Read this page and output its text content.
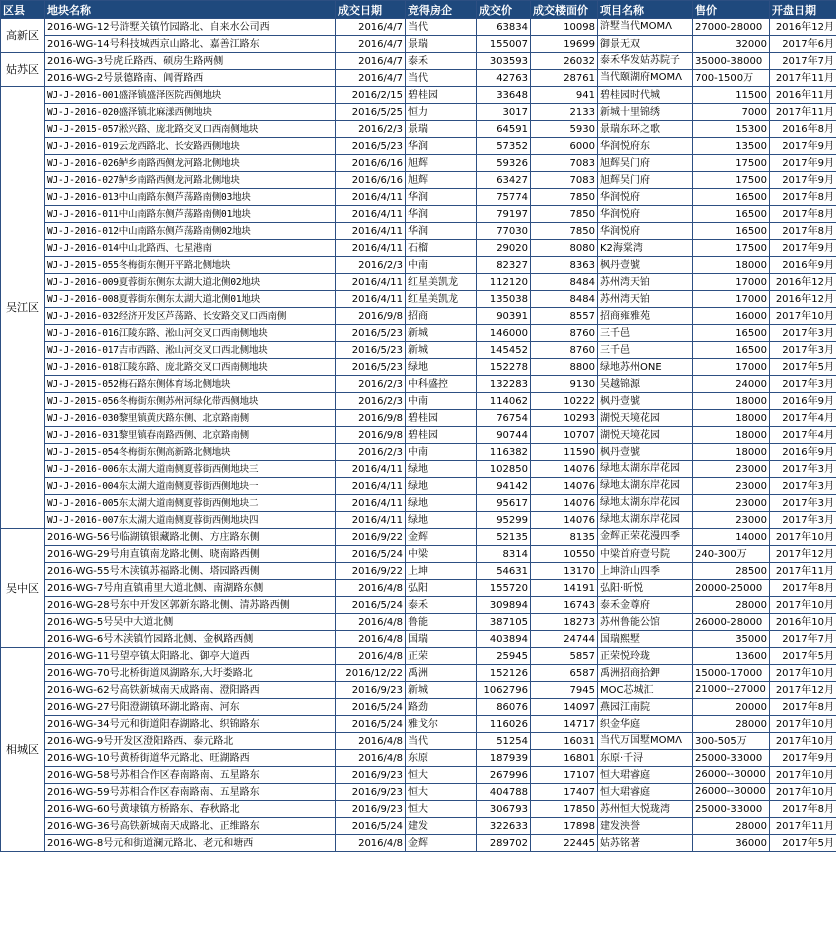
区县	地块名称	成交日期	竞得房企	成交价	成交楼面价	项目名称	售价	开盘日期
高新区	2016-WG-12号浒墅关镇竹园路北、自来水公司西	2016/4/7	当代	63834	10098	浒墅当代MOMΛ	27000-28000	2016年12月
	2016-WG-14号科技城西京山路北、嘉善江路东	2016/4/7	景瑞	155007	19699	御景无双	32000	2017年6月
姑苏区	2016-WG-3号虎丘路西、硕房生路两侧	2016/4/7	泰禾	303593	26032	泰禾华发姑苏院子	35000-38000	2017年7月
	2016-WG-2号景德路南、阊胥路西	2016/4/7	当代	42763	28761	当代颐湖府MOMΛ	700-1500万	2017年11月
吴江区	WJ-J-2016-001盛泽镇盛泽医院西侧地块	2016/2/15	碧桂园	33648	941	碧桂园时代城	11500	2016年11月
	WJ-J-2016-020盛泽镇北麻漾西侧地块	2016/5/25	恒力	3017	2133	新城十里锦绣	7000	2017年11月
	WJ-J-2015-057淞兴路、庞北路交叉口西南侧地块	2016/2/3	景瑞	64591	5930	景瑞东环之歌	15300	2016年8月
	WJ-J-2016-019云龙西路北、长安路西侧地块	2016/5/23	华润	57352	6000	华润悦府东	13500	2017年9月
	WJ-J-2016-026鲈乡南路西侧龙河路北侧地块	2016/6/16	旭辉	59326	7083	旭辉吴门府	17500	2017年9月
	WJ-J-2016-027鲈乡南路西侧龙河路北侧地块	2016/6/16	旭辉	63427	7083	旭辉吴门府	17500	2017年9月
	WJ-J-2016-013中山南路东侧芦荡路南侧03地块	2016/4/11	华润	75774	7850	华润悦府	16500	2017年8月
	WJ-J-2016-011中山南路东侧芦荡路南侧01地块	2016/4/11	华润	79197	7850	华润悦府	16500	2017年8月
	WJ-J-2016-012中山南路东侧芦荡路南侧02地块	2016/4/11	华润	77030	7850	华润悦府	16500	2017年8月
	WJ-J-2016-014中山北路西、七星港南	2016/4/11	石榴	29020	8080	K2海棠湾	17500	2017年9月
	WJ-J-2015-055冬梅街东侧开平路北侧地块	2016/2/3	中南	82327	8363	枫丹壹號	18000	2016年9月
	WJ-J-2016-009夏蓉街东侧东太湖大道北侧02地块	2016/4/11	红星美凯龙	112120	8484	苏州湾天铂	17000	2016年12月
	WJ-J-2016-008夏蓉街东侧东太湖大道北侧01地块	2016/4/11	红星美凯龙	135038	8484	苏州湾天铂	17000	2016年12月
	WJ-J-2016-032经济开发区芦荡路、长安路交叉口西南侧	2016/9/8	招商	90391	8557	招商雍雅苑	16000	2017年10月
	WJ-J-2016-016江陵东路、淞山河交叉口西南侧地块	2016/5/23	新城	146000	8760	三千邑	16500	2017年3月
	WJ-J-2016-017吉市西路、淞山河交叉口西北侧地块	2016/5/23	新城	145452	8760	三千邑	16500	2017年3月
	WJ-J-2016-018江陵东路、庞北路交叉口西南侧地块	2016/5/23	绿地	152278	8800	绿地苏州ONE	17000	2017年5月
	WJ-J-2015-052梅石路东侧体育场北侧地块	2016/2/3	中科盛控	132283	9130	吴越锦源	24000	2017年3月
	WJ-J-2015-056冬梅街东侧苏州河绿化带西侧地块	2016/2/3	中南	114062	10222	枫丹壹號	18000	2016年9月
	WJ-J-2016-030黎里镇黄庆路东侧、北京路南侧	2016/9/8	碧桂园	76754	10293	湖悦天境花园	18000	2017年4月
	WJ-J-2016-031黎里镇春南路西侧、北京路南侧	2016/9/8	碧桂园	90744	10707	湖悦天境花园	18000	2017年4月
	WJ-J-2015-054冬梅街东侧高新路北侧地块	2016/2/3	中南	116382	11590	枫丹壹號	18000	2016年9月
	WJ-J-2016-006东太湖大道南侧夏蓉街西侧地块三	2016/4/11	绿地	102850	14076	绿地太湖东岸花园	23000	2017年3月
	WJ-J-2016-004东太湖大道南侧夏蓉街西侧地块一	2016/4/11	绿地	94142	14076	绿地太湖东岸花园	23000	2017年3月
	WJ-J-2016-005东太湖大道南侧夏蓉街西侧地块二	2016/4/11	绿地	95617	14076	绿地太湖东岸花园	23000	2017年3月
	WJ-J-2016-007东太湖大道南侧夏蓉街西侧地块四	2016/4/11	绿地	95299	14076	绿地太湖东岸花园	23000	2017年3月
吴中区	2016-WG-56号临湖镇银藏路北侧、方庄路东侧	2016/9/22	金辉	52135	8135	金辉正荣花漫四季	14000	2017年10月
	2016-WG-29号甪直镇南龙路北侧、晓南路西侧	2016/5/24	中梁	8314	10550	中梁首府壹号院	240-300万	2017年12月
	2016-WG-55号木渎镇苏福路北侧、塔园路西侧	2016/9/22	上坤	54631	13170	上坤浒山四季	28500	2017年11月
	2016-WG-7号甪直镇甫里大道北侧、南湖路东侧	2016/4/8	弘阳	155720	14191	弘阳·昕悦	20000-25000	2017年8月
	2016-WG-28号东中开发区郭新东路北侧、清苏路西侧	2016/5/24	泰禾	309894	16743	泰禾金尊府	28000	2017年10月
	2016-WG-5号吴中大道北侧	2016/4/8	鲁能	387105	18273	苏州鲁能公馆	26000-28000	2016年10月
	2016-WG-6号木渎镇竹园路北侧、金枫路西侧	2016/4/8	国瑞	403894	24744	国瑞熙墅	35000	2017年7月
相城区	2016-WG-11号望亭镇太阳路北、御亭大道西	2016/4/8	正荣	25945	5857	正荣悦玲珑	13600	2017年5月
	2016-WG-70号北桥街道凤湖路东,大圩娄路北	2016/12/22	禹洲	152126	6587	禹洲招商拾鉀	15000-17000	2017年10月
	2016-WG-62号高铁新城南天成路南、澄阳路西	2016/9/23	新城	1062796	7945	MOC芯城汇	21000--27000	2017年12月
	2016-WG-27号阳澄湖镇环湖北路南、河东	2016/5/24	路劲	86076	14097	燕园江南院	20000	2017年8月
	2016-WG-34号元和街道阳春湖路北、织锦路东	2016/5/24	雅戈尔	116026	14717	织金华庭	28000	2017年10月
	2016-WG-9号开发区澄阳路西、泰元路北	2016/4/8	当代	51254	16031	当代万国墅MOMΛ	300-505万	2017年10月
	2016-WG-10号黄桥街道华元路北、旺湖路西	2016/4/8	东原	187939	16801	东原·千浔	25000-33000	2017年9月
	2016-WG-58号苏相合作区春南路南、五星路东	2016/9/23	恒大	267996	17107	恒大珺睿庭	26000--30000	2017年10月
	2016-WG-59号苏相合作区春南路南、五星路东	2016/9/23	恒大	404788	17407	恒大珺睿庭	26000--30000	2017年10月
	2016-WG-60号黄埭镇方桥路东、春秋路北	2016/9/23	恒大	306793	17850	苏州恒大悦珑湾	25000-33000	2017年8月
	2016-WG-36号高铁新城南天成路北、正维路东	2016/5/24	建发	322633	17898	建发泱誉	28000	2017年11月
	2016-WG-8号元和街道澜元路北、老元和塘西	2016/4/8	金辉	289702	22445	姑苏铭著	36000	2017年5月
